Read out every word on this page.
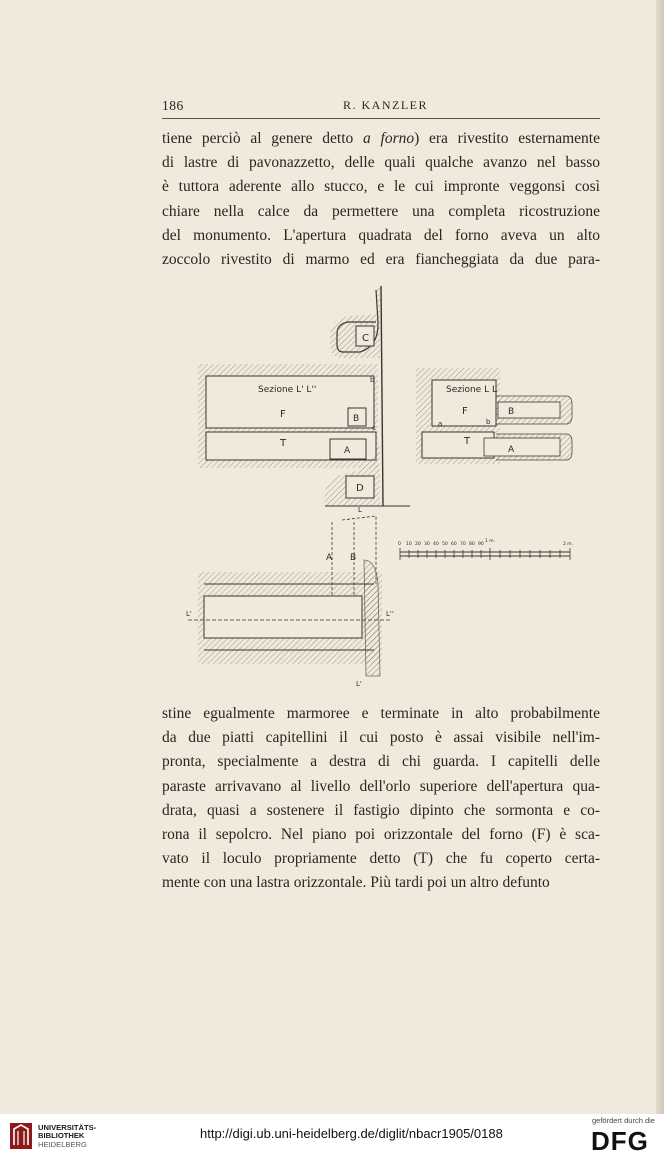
186	R. KANZLER
tiene perciò al genere detto a forno) era rivestito esternamente
di lastre di pavonazzetto, delle quali qualche avanzo nel basso
è tuttora aderente allo stucco, e le cui impronte veggonsi così
chiare nella calce da permettere una completa ricostruzione
del monumento. L'apertura quadrata del forno aveva un alto
zoccolo rivestito di marmo ed era fiancheggiata da due para-
C
Sezione L' L''
F
T
B
A
b
c
D
Sezione L L
F
T
B
A
a	b
L
A B
L'	L''
L'
0 10 20 30 40 50 60 70 80 90
1 m.
2 m.
stine egualmente marmoree e terminate in alto probabilmente
da due piatti capitellini il cui posto è assai visibile nell'im-
pronta, specialmente a destra di chi guarda. I capitelli delle
paraste arrivavano al livello dell'orlo superiore dell'apertura qua-
drata, quasi a sostenere il fastigio dipinto che sormonta e co-
rona il sepolcro. Nel piano poi orizzontale del forno (F) è sca-
vato il loculo propriamente detto (T) che fu coperto certa-
mente con una lastra orizzontale. Più tardi poi un altro defunto
UNIVERSITÄTS-
BIBLIOTHEK
HEIDELBERG
http://digi.ub.uni-heidelberg.de/diglit/nbacr1905/0188
gefördert durch die
DFG
